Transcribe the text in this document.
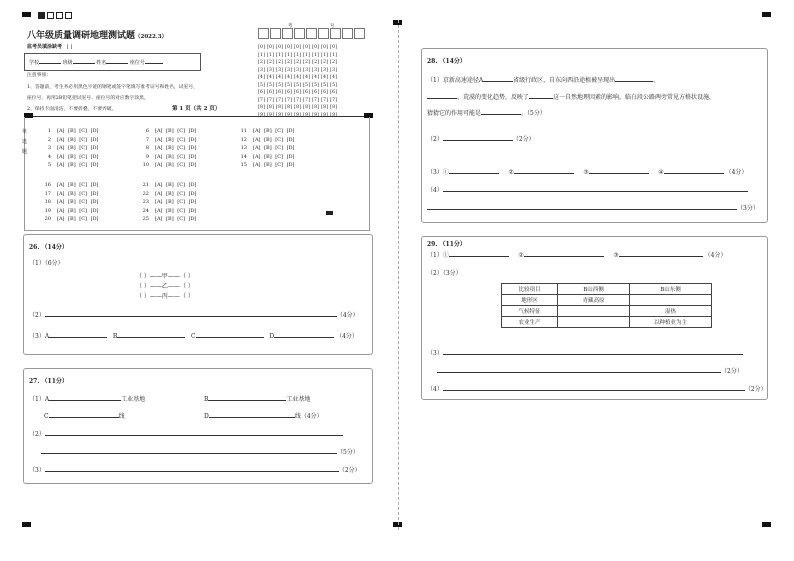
八年级质量调研地理测试题（2022.3）
监考员填涂缺考 [ ]
学校	班级	姓名	座位号
注意事项：
1、答题前，考生务必用黑色字迹的钢笔或签字笔填写准考证号和姓名，试室号，
座位号，再用2B铅笔把试室号、座位号的对应数字涂黑。
2、保持卡面清洁，不要折叠，不要弄破。
考	号
[0] [0] [0] [0] [0] [0] [0] [0] [0]
[1] [1] [1] [1] [1] [1] [1] [1] [1]
[2] [2] [2] [2] [2] [2] [2] [2] [2]
[3] [3] [3] [3] [3] [3] [3] [3] [3]
[4] [4] [4] [4] [4] [4] [4] [4] [4]
[5] [5] [5] [5] [5] [5] [5] [5] [5]
[6] [6] [6] [6] [6] [6] [6] [6] [6]
[7] [7] [7] [7] [7] [7] [7] [7] [7]
[8] [8] [8] [8] [8] [8] [8] [8] [8]
[9] [9] [9] [9] [9] [9] [9] [9] [9]
第 1 页（共 2 页）
单
选
题
1 [A] [B] [C] [D]
2 [A] [B] [C] [D]
3 [A] [B] [C] [D]
4 [A] [B] [C] [D]
5 [A] [B] [C] [D]
6 [A] [B] [C] [D]
7 [A] [B] [C] [D]
8 [A] [B] [C] [D]
9 [A] [B] [C] [D]
10 [A] [B] [C] [D]
11 [A] [B] [C] [D]
12 [A] [B] [C] [D]
13 [A] [B] [C] [D]
14 [A] [B] [C] [D]
15 [A] [B] [C] [D]
16 [A] [B] [C] [D]
17 [A] [B] [C] [D]
18 [A] [B] [C] [D]
19 [A] [B] [C] [D]
20 [A] [B] [C] [D]
21 [A] [B] [C] [D]
22 [A] [B] [C] [D]
23 [A] [B] [C] [D]
24 [A] [B] [C] [D]
25 [A] [B] [C] [D]
26. （14分）
（1）（6分）
（ ）——甲——（ ）
（ ）——乙——（ ）
（ ）——丙——（ ）
（2）	（4分）
（3）A	B	C	D	（4分）
27. （11分）
（1）A	工业基地	B	工业基地
C	线	D	线（4分）
（2）
（5分）
（3）	（2分）
28. （14分）
（1）京新高速途径A	省级行政区，自东向西沿途植被呈现出	、
、荒漠的变化趋势，反映了	这一自然地理因素的影响。临白段公路两旁常见方格状设施，
猜猜它的作用可能是	。（5分）
（2）	（2分）
（3）①	②	③	④	（4分）
（4）
（3分）
29. （11分）
（1）①	②	③	（4分）
（2）（3分）
比较项目	B山西侧	B山东侧
地形区	青藏高原	
气候特征		湿热
农业生产		以种植业为主
（3）
（2分）
（4）	（2分）
